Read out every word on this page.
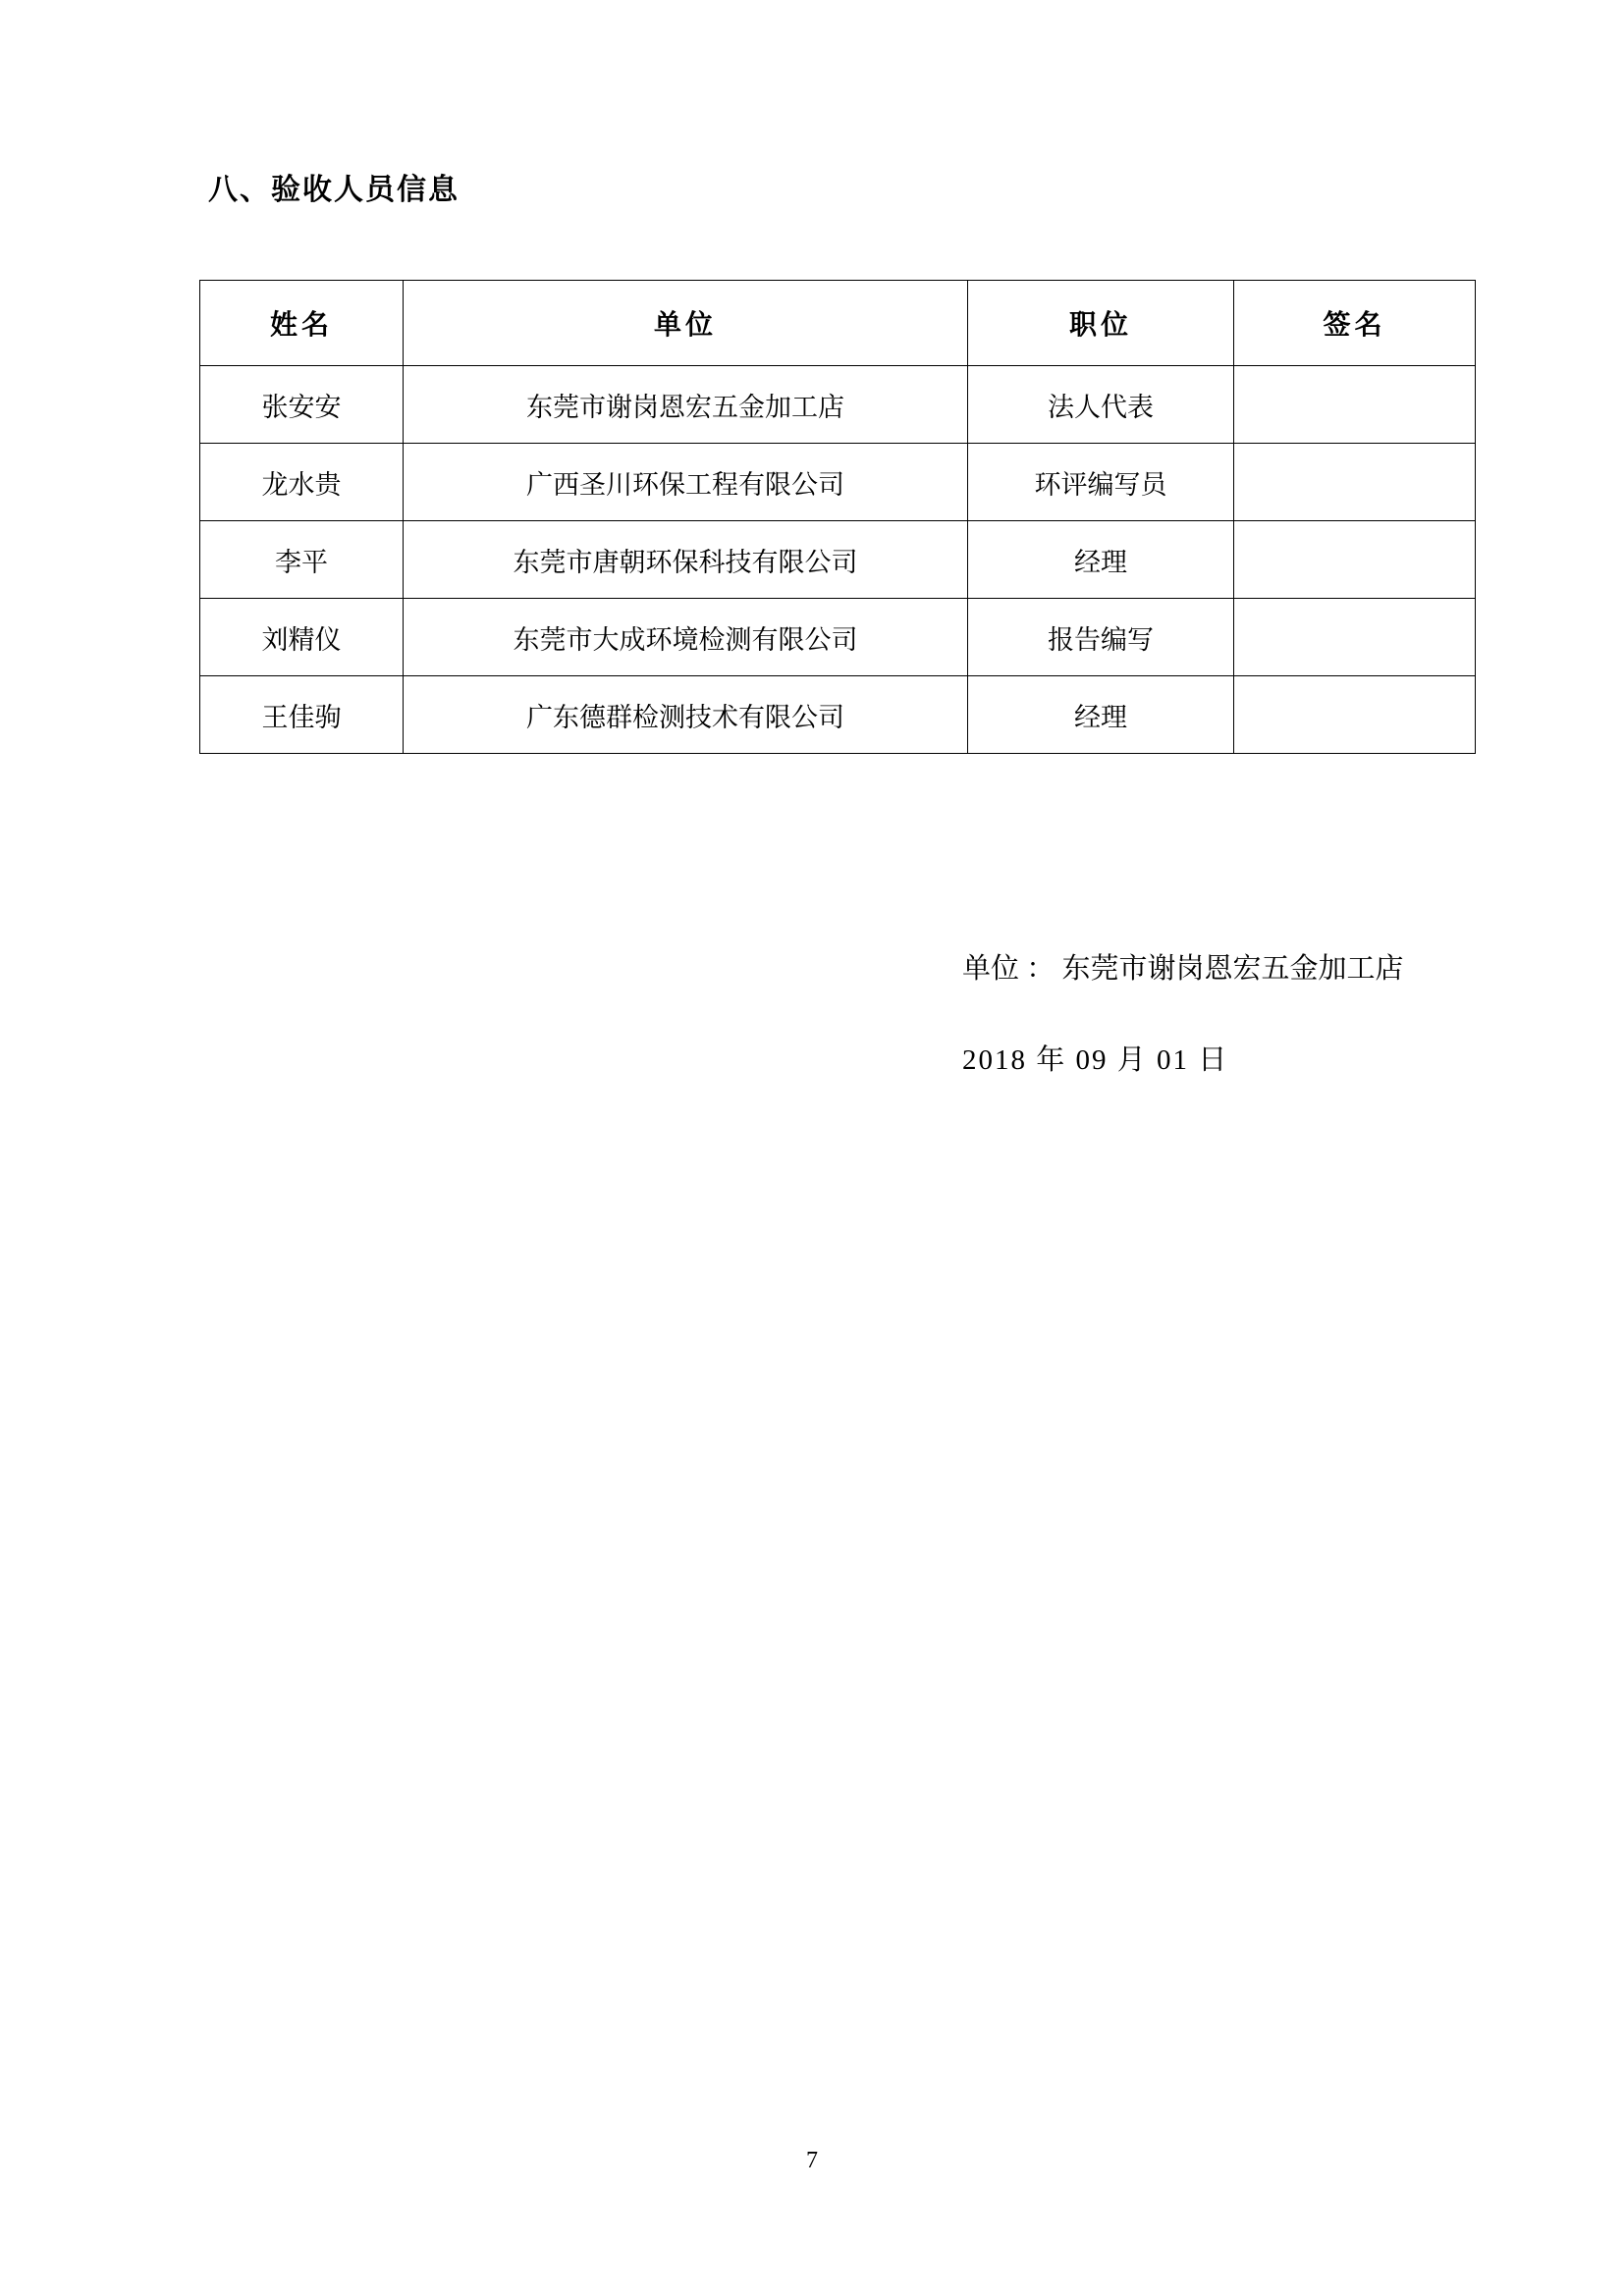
八、验收人员信息
姓名	单位	职位	签名
张安安	东莞市谢岗恩宏五金加工店	法人代表	
龙水贵	广西圣川环保工程有限公司	环评编写员	
李平	东莞市唐朝环保科技有限公司	经理	
刘精仪	东莞市大成环境检测有限公司	报告编写	
王佳驹	广东德群检测技术有限公司	经理	
单位 ： 东莞市谢岗恩宏五金加工店
2018 年 09 月 01 日
7
